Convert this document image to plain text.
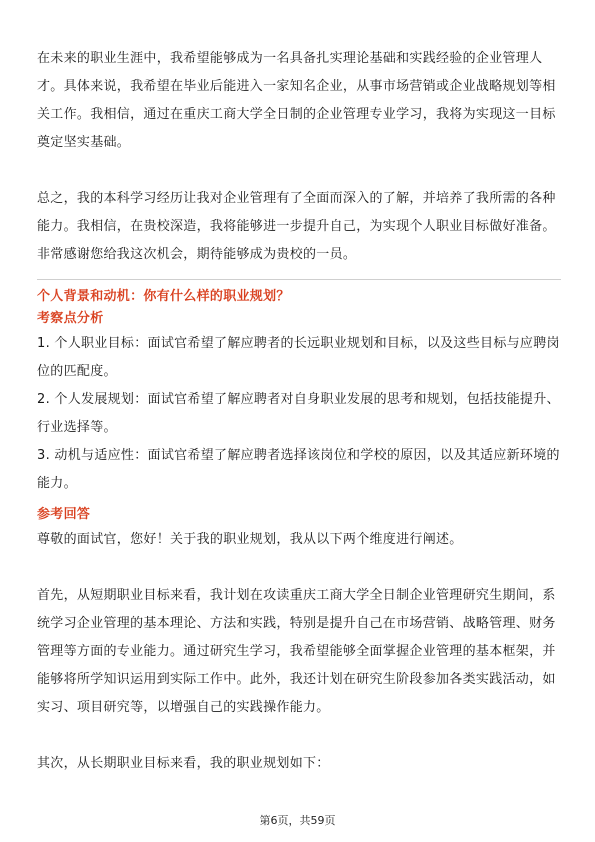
在未来的职业生涯中，我希望能够成为一名具备扎实理论基础和实践经验的企业管理人才。具体来说，我希望在毕业后能进入一家知名企业，从事市场营销或企业战略规划等相关工作。我相信，通过在重庆工商大学全日制的企业管理专业学习，我将为实现这一目标奠定坚实基础。

总之，我的本科学习经历让我对企业管理有了全面而深入的了解，并培养了我所需的各种能力。我相信，在贵校深造，我将能够进一步提升自己，为实现个人职业目标做好准备。非常感谢您给我这次机会，期待能够成为贵校的一员。

个人背景和动机：你有什么样的职业规划？

考察点分析

1. 个人职业目标：面试官希望了解应聘者的长远职业规划和目标，以及这些目标与应聘岗位的匹配度。

2. 个人发展规划：面试官希望了解应聘者对自身职业发展的思考和规划，包括技能提升、行业选择等。

3. 动机与适应性：面试官希望了解应聘者选择该岗位和学校的原因，以及其适应新环境的能力。

参考回答

尊敬的面试官，您好！关于我的职业规划，我从以下两个维度进行阐述。

首先，从短期职业目标来看，我计划在攻读重庆工商大学全日制企业管理研究生期间，系统学习企业管理的基本理论、方法和实践，特别是提升自己在市场营销、战略管理、财务管理等方面的专业能力。通过研究生学习，我希望能够全面掌握企业管理的基本框架，并能够将所学知识运用到实际工作中。此外，我还计划在研究生阶段参加各类实践活动，如实习、项目研究等，以增强自己的实践操作能力。

其次，从长期职业目标来看，我的职业规划如下：

第6页，共59页
